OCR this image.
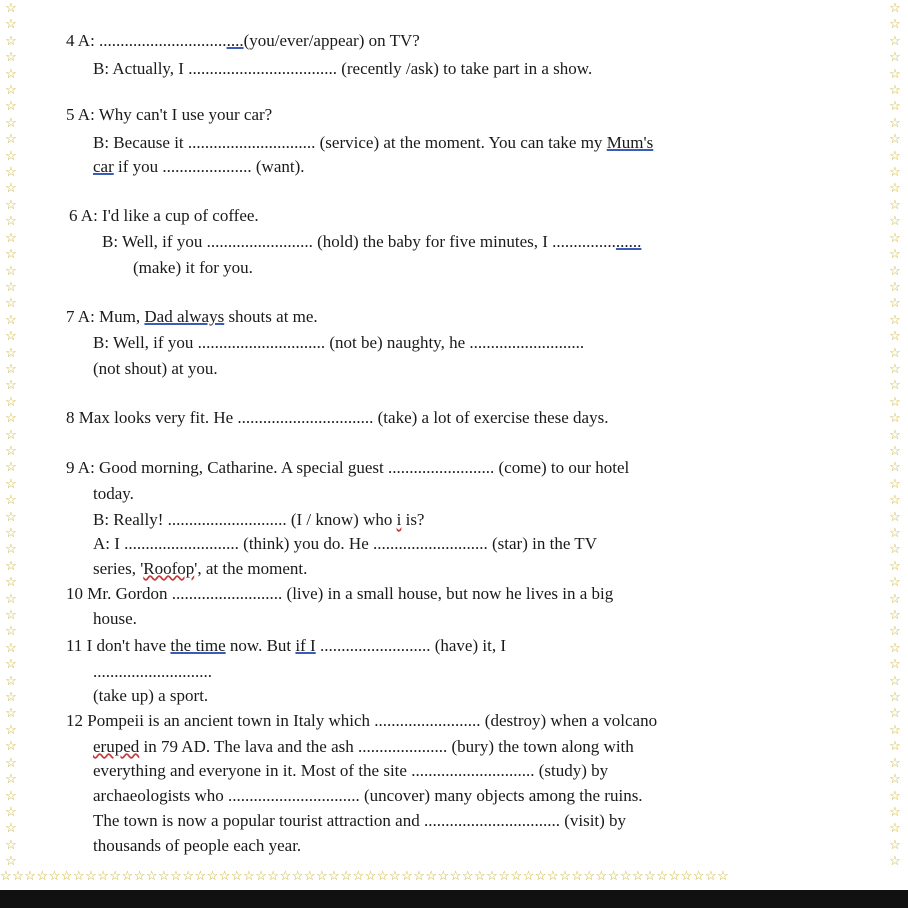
☆
☆
☆
☆
☆
☆
☆
☆
☆
☆
☆
☆
☆
☆
☆
☆
☆
☆
☆
☆
☆
☆
☆
☆
☆
☆
☆
☆
☆
☆
☆
☆
☆
☆
☆
☆
☆
☆
☆
☆
☆
☆
☆
☆
☆
☆
☆
☆
☆
☆
☆
☆
☆
☆
☆
☆
☆
☆
☆
☆
☆
☆
☆
☆
☆
☆
☆
☆
☆
☆
☆
☆
☆
☆
☆
☆
☆
☆
☆
☆
☆
☆
☆
☆
☆
☆
☆
☆
☆
☆
☆
☆
☆
☆
☆
☆
☆
☆
☆
☆
☆
☆
☆
☆
☆
☆
☆☆☆☆☆☆☆☆☆☆☆☆☆☆☆☆☆☆☆☆☆☆☆☆☆☆☆☆☆☆☆☆☆☆☆☆☆☆☆☆☆☆☆☆☆☆☆☆☆☆☆☆☆☆☆☆☆☆☆☆
4 A: ..................................(you/ever/appear) on TV?
B: Actually, I ................................... (recently /ask) to take part in a show.
5 A: Why can't I use your car?
B: Because it .............................. (service) at the moment. You can take my Mum's
car if you ..................... (want).
6 A: I'd like a cup of coffee.
B: Well, if you ......................... (hold) the baby for five minutes, I .....................
(make) it for you.
7 A: Mum, Dad always shouts at me.
B: Well, if you .............................. (not be) naughty, he ...........................
(not shout) at you.
8 Max looks very fit. He ................................ (take) a lot of exercise these days.
9 A: Good morning, Catharine. A special guest ......................... (come) to our hotel
today.
B: Really! ............................ (I / know) who i is?
A: I ........................... (think) you do. He ........................... (star) in the TV
series, 'Roofop', at the moment.
10 Mr. Gordon .......................... (live) in a small house, but now he lives in a big
house.
11 I don't have the time now. But if I .......................... (have) it, I
............................
(take up) a sport.
12 Pompeii is an ancient town in Italy which ......................... (destroy) when a volcano
eruped in 79 AD. The lava and the ash ..................... (bury) the town along with
everything and everyone in it. Most of the site ............................. (study) by
archaeologists who ............................... (uncover) many objects among the ruins.
The town is now a popular tourist attraction and ................................ (visit) by
thousands of people each year.
